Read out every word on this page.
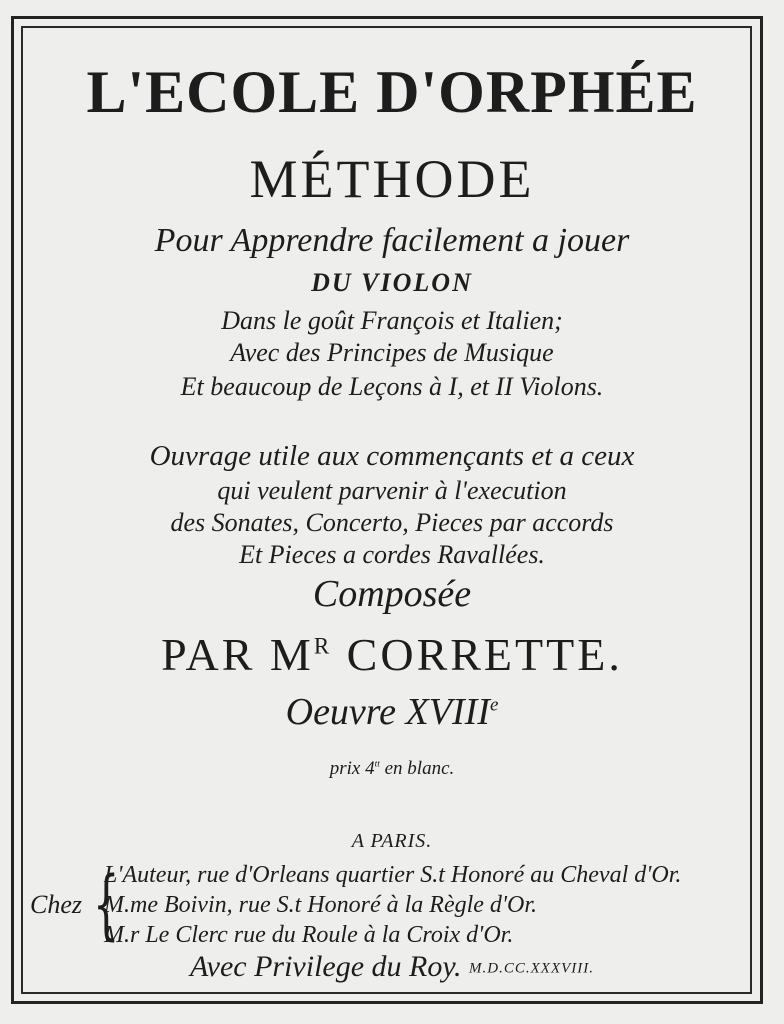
L'ECOLE D'ORPHÉE

MÉTHODE

Pour Apprendre facilement a jouer

DU VIOLON

Dans le goût François et Italien;

Avec des Principes de Musique

Et beaucoup de Leçons à I, et II Violons.

Ouvrage utile aux commençants et a ceux

qui veulent parvenir à l'execution

des Sonates, Concerto, Pieces par accords

Et Pieces a cordes Ravallées.

Composée

PAR $M^R$ CORRETTE.

Oeuvre XVIIIe

prix $4^{tt}$ en blanc.

A PARIS.

Chez {

L'Auteur, rue d'Orleans quartier S.t Honoré au Cheval d'Or.

M.me Boivin, rue S.t Honoré à la Règle d'Or.

M.r Le Clerc rue du Roule à la Croix d'Or.

Avec Privilege du Roy. M.D.CC.XXXVIII.
